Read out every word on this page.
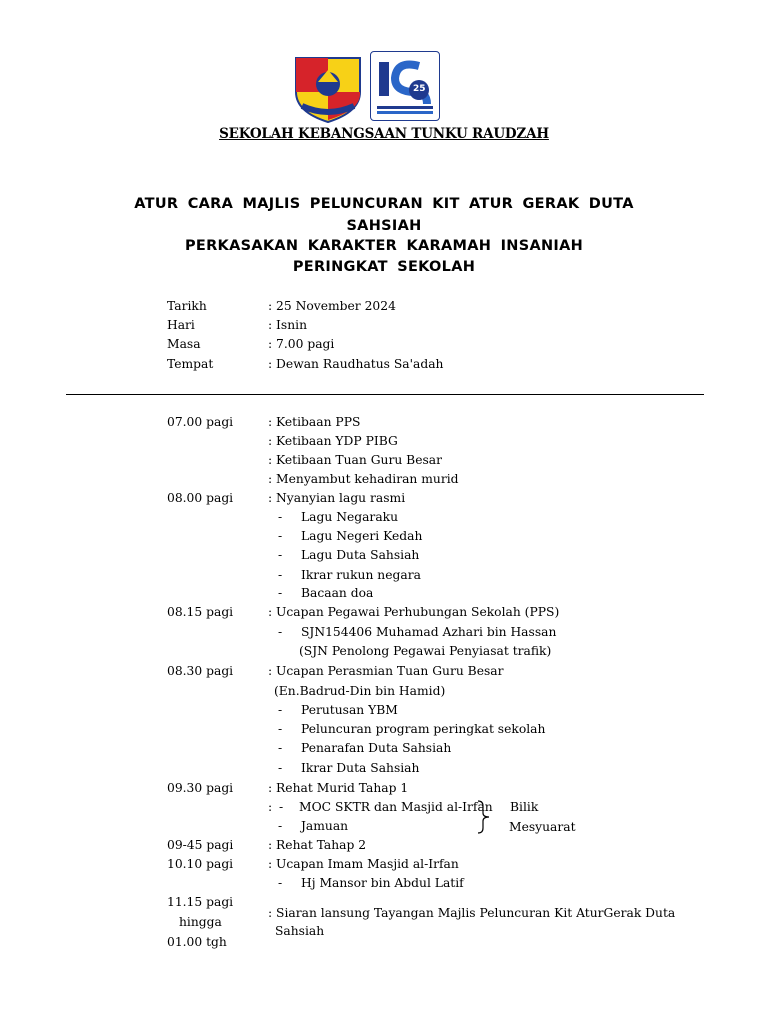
25
SEKOLAH KEBANGSAAN TUNKU RAUDZAH
ATUR CARA MAJLIS PELUNCURAN KIT ATUR GERAK DUTA
SAHSIAH
PERKASAKAN KARAKTER KARAMAH INSANIAH
PERINGKAT SEKOLAH
Tarikh	: 25 November 2024
Hari	: Isnin
Masa	: 7.00 pagi
Tempat	: Dewan Raudhatus Sa'adah
07.00 pagi	: Ketibaan PPS
: Ketibaan YDP PIBG
: Ketibaan Tuan Guru Besar
: Menyambut kehadiran murid
08.00 pagi	: Nyanyian lagu rasmi
- Lagu Negaraku
- Lagu Negeri Kedah
- Lagu Duta Sahsiah
- Ikrar rukun negara
- Bacaan doa
08.15 pagi	: Ucapan Pegawai Perhubungan Sekolah (PPS)
- SJN154406 Muhamad Azhari bin Hassan
(SJN Penolong Pegawai Penyiasat trafik)
08.30 pagi	: Ucapan Perasmian Tuan Guru Besar
(En.Badrud-Din bin Hamid)
- Perutusan YBM
- Peluncuran program peringkat sekolah
- Penarafan Duta Sahsiah
- Ikrar Duta Sahsiah
09.30 pagi	: Rehat Murid Tahap 1
: - MOC SKTR dan Masjid al-Irfan
- Jamuan
Bilik
Mesyuarat
09-45 pagi	: Rehat Tahap 2
10.10 pagi	: Ucapan Imam Masjid al-Irfan
- Hj Mansor bin Abdul Latif
11.15 pagi
hingga
01.00 tgh
: Siaran lansung Tayangan Majlis Peluncuran Kit AturGerak Duta
Sahsiah
